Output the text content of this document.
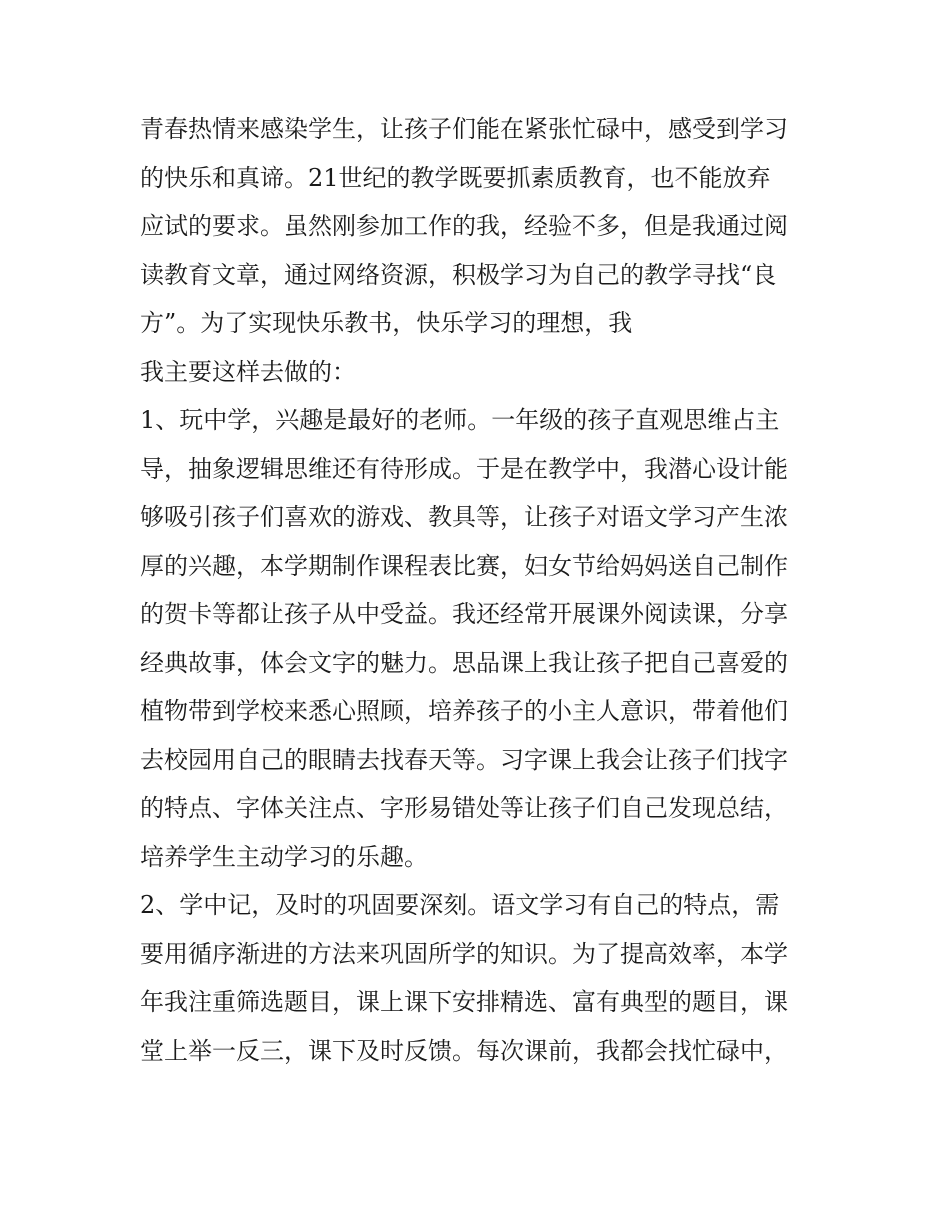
青春热情来感染学生，让孩子们能在紧张忙碌中，感受到学习
的快乐和真谛。21世纪的教学既要抓素质教育，也不能放弃
应试的要求。虽然刚参加工作的我，经验不多，但是我通过阅
读教育文章，通过网络资源，积极学习为自己的教学寻找“良
方”。为了实现快乐教书，快乐学习的理想，我
我主要这样去做的：
1、玩中学，兴趣是最好的老师。一年级的孩子直观思维占主
导，抽象逻辑思维还有待形成。于是在教学中，我潜心设计能
够吸引孩子们喜欢的游戏、教具等，让孩子对语文学习产生浓
厚的兴趣，本学期制作课程表比赛，妇女节给妈妈送自己制作
的贺卡等都让孩子从中受益。我还经常开展课外阅读课，分享
经典故事，体会文字的魅力。思品课上我让孩子把自己喜爱的
植物带到学校来悉心照顾，培养孩子的小主人意识，带着他们
去校园用自己的眼睛去找春天等。习字课上我会让孩子们找字
的特点、字体关注点、字形易错处等让孩子们自己发现总结，
培养学生主动学习的乐趣。
2、学中记，及时的巩固要深刻。语文学习有自己的特点，需
要用循序渐进的方法来巩固所学的知识。为了提高效率，本学
年我注重筛选题目，课上课下安排精选、富有典型的题目，课
堂上举一反三，课下及时反馈。每次课前，我都会找忙碌中，
